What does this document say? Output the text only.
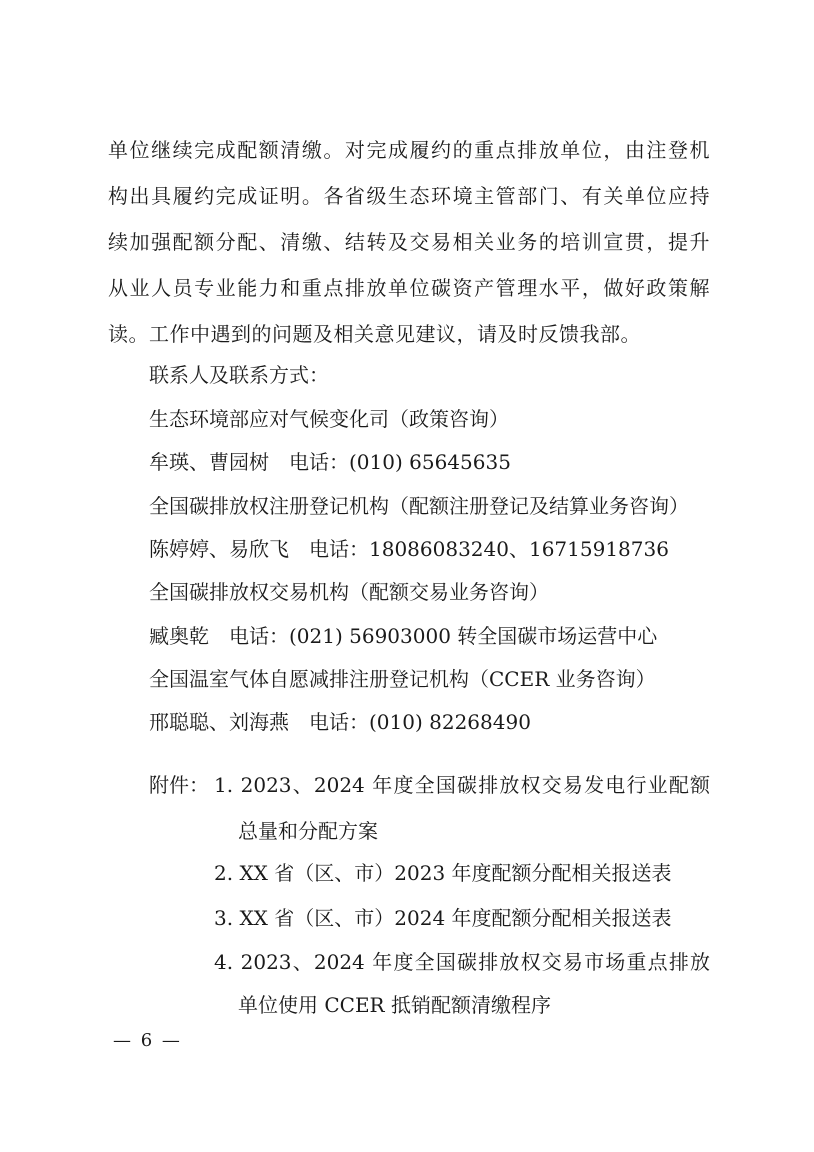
单位继续完成配额清缴。对完成履约的重点排放单位，由注登机
构出具履约完成证明。各省级生态环境主管部门、有关单位应持
续加强配额分配、清缴、结转及交易相关业务的培训宣贯，提升
从业人员专业能力和重点排放单位碳资产管理水平，做好政策解
读。工作中遇到的问题及相关意见建议，请及时反馈我部。
联系人及联系方式：
生态环境部应对气候变化司（政策咨询）
牟瑛、曹园树　电话：(010) 65645635
全国碳排放权注册登记机构（配额注册登记及结算业务咨询）
陈婷婷、易欣飞　电话：18086083240、16715918736
全国碳排放权交易机构（配额交易业务咨询）
臧奥乾　电话：(021) 56903000 转全国碳市场运营中心
全国温室气体自愿减排注册登记机构（CCER 业务咨询）
邢聪聪、刘海燕　电话：(010) 82268490
附件： 1. 2023、2024 年度全国碳排放权交易发电行业配额
总量和分配方案
2. XX 省（区、市）2023 年度配额分配相关报送表
3. XX 省（区、市）2024 年度配额分配相关报送表
4. 2023、2024 年度全国碳排放权交易市场重点排放
单位使用 CCER 抵销配额清缴程序
— 6 —
